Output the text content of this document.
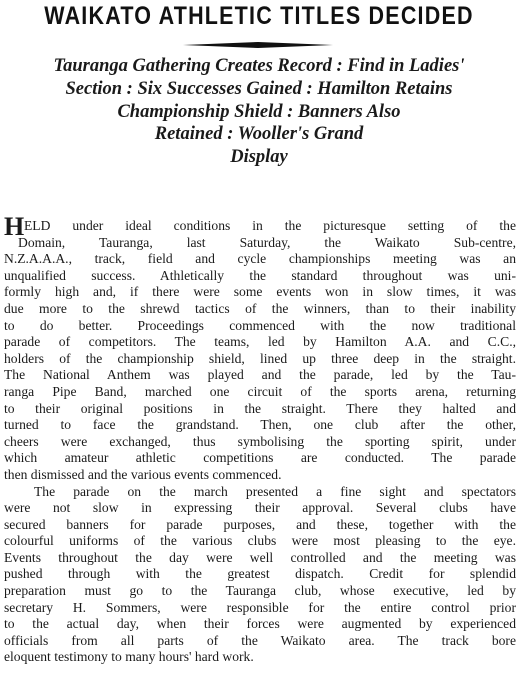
WAIKATO ATHLETIC TITLES DECIDED
Tauranga Gathering Creates Record : Find in Ladies'
Section : Six Successes Gained : Hamilton Retains
Championship Shield : Banners Also
Retained : Wooller's Grand
Display
H ELD under ideal conditions in the picturesque setting of the
Domain, Tauranga, last Saturday, the Waikato Sub-centre,
N.Z.A.A.A., track, field and cycle championships meeting was an
unqualified success. Athletically the standard throughout was uni-
formly high and, if there were some events won in slow times, it was
due more to the shrewd tactics of the winners, than to their inability
to do better. Proceedings commenced with the now traditional
parade of competitors. The teams, led by Hamilton A.A. and C.C.,
holders of the championship shield, lined up three deep in the straight.
The National Anthem was played and the parade, led by the Tau-
ranga Pipe Band, marched one circuit of the sports arena, returning
to their original positions in the straight. There they halted and
turned to face the grandstand. Then, one club after the other,
cheers were exchanged, thus symbolising the sporting spirit, under
which amateur athletic competitions are conducted. The parade
then dismissed and the various events commenced.
The parade on the march presented a fine sight and spectators
were not slow in expressing their approval. Several clubs have
secured banners for parade purposes, and these, together with the
colourful uniforms of the various clubs were most pleasing to the eye.
Events throughout the day were well controlled and the meeting was
pushed through with the greatest dispatch. Credit for splendid
preparation must go to the Tauranga club, whose executive, led by
secretary H. Sommers, were responsible for the entire control prior
to the actual day, when their forces were augmented by experienced
officials from all parts of the Waikato area. The track bore
eloquent testimony to many hours' hard work.
